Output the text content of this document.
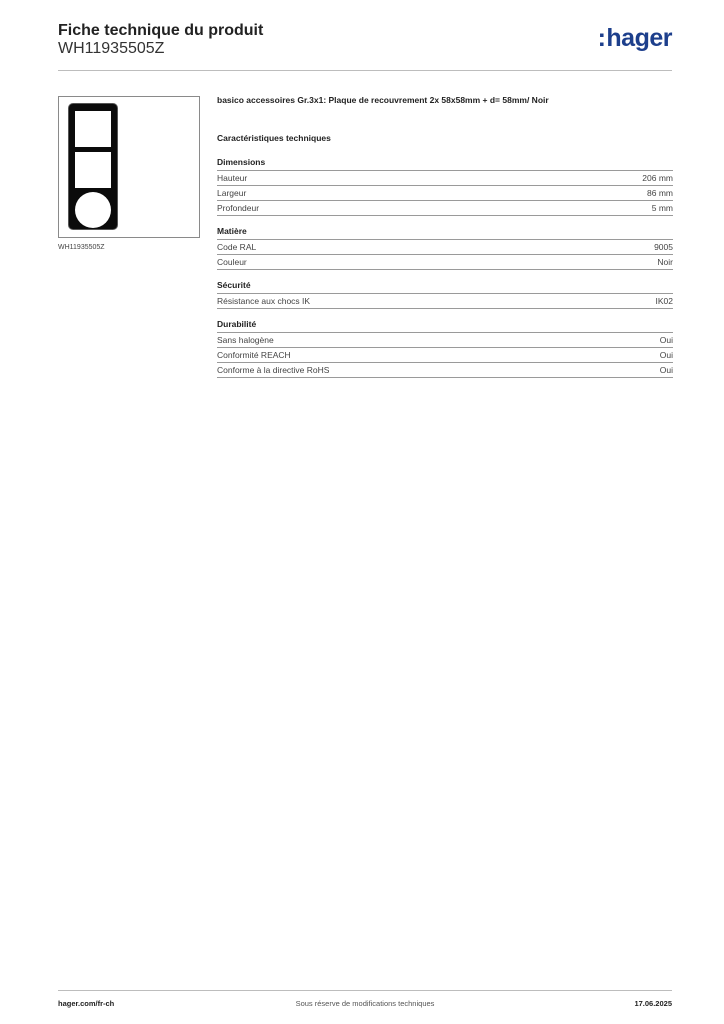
Fiche technique du produit
WH11935505Z	:hager
WH11935505Z
basico accessoires Gr.3x1: Plaque de recouvrement 2x 58x58mm + d= 58mm/ Noir
Caractéristiques techniques
Dimensions
Hauteur	206 mm
Largeur	86 mm
Profondeur	5 mm
Matière
Code RAL	9005
Couleur	Noir
Sécurité
Résistance aux chocs IK	IK02
Durabilité
Sans halogène	Oui
Conformité REACH	Oui
Conforme à la directive RoHS	Oui
hager.com/fr-ch	Sous réserve de modifications techniques	17.06.2025
